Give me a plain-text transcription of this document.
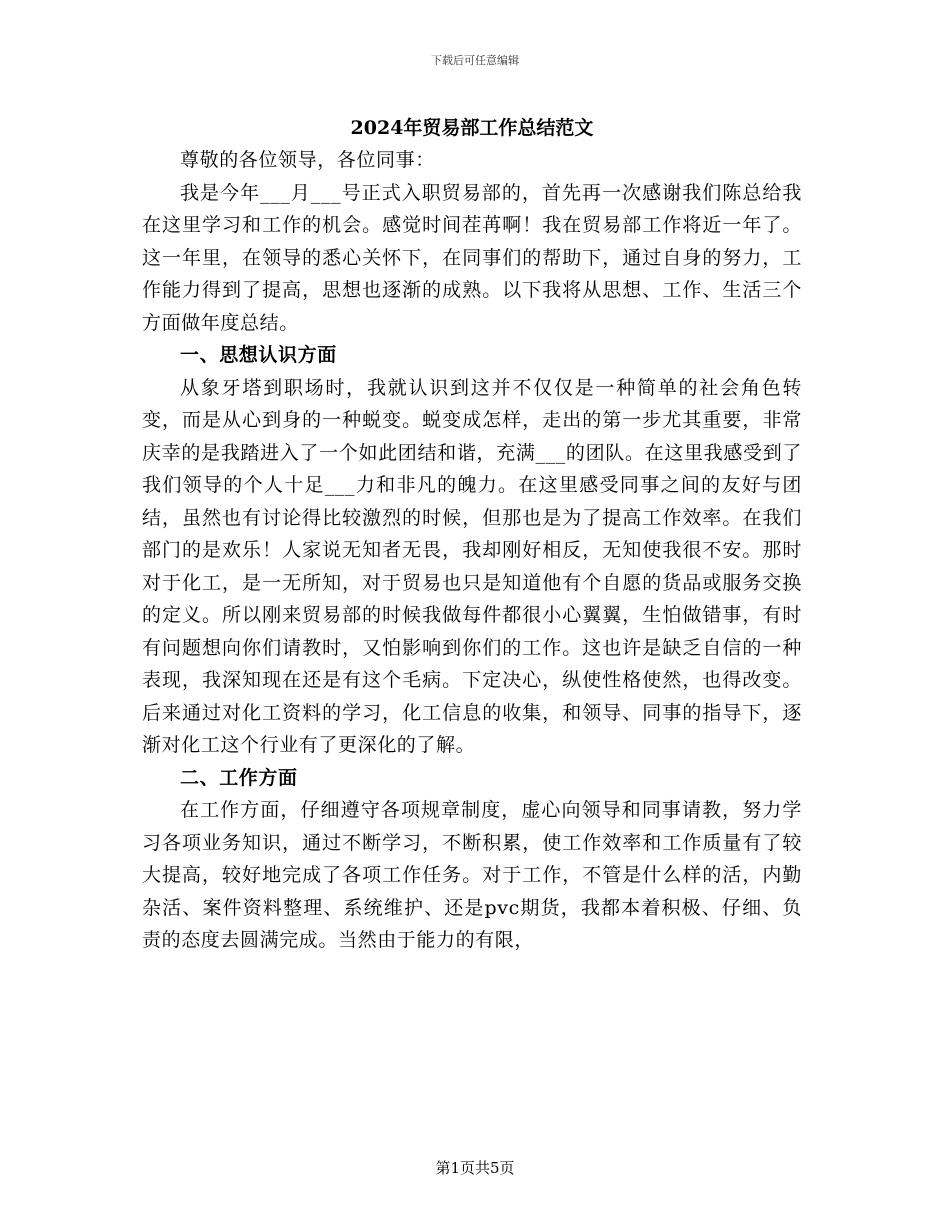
下载后可任意编辑
2024年贸易部工作总结范文

尊敬的各位领导，各位同事：

我是今年___月___号正式入职贸易部的，首先再一次感谢我们陈总给我在这里学习和工作的机会。感觉时间茬苒啊！我在贸易部工作将近一年了。这一年里，在领导的悉心关怀下，在同事们的帮助下，通过自身的努力，工作能力得到了提高，思想也逐渐的成熟。以下我将从思想、工作、生活三个方面做年度总结。

一、思想认识方面

从象牙塔到职场时，我就认识到这并不仅仅是一种简单的社会角色转变，而是从心到身的一种蜕变。蜕变成怎样，走出的第一步尤其重要，非常庆幸的是我踏进入了一个如此团结和谐，充满___的团队。在这里我感受到了我们领导的个人十足___力和非凡的魄力。在这里感受同事之间的友好与团结，虽然也有讨论得比较激烈的时候，但那也是为了提高工作效率。在我们部门的是欢乐！人家说无知者无畏，我却刚好相反，无知使我很不安。那时对于化工，是一无所知，对于贸易也只是知道他有个自愿的货品或服务交换的定义。所以刚来贸易部的时候我做每件都很小心翼翼，生怕做错事，有时有问题想向你们请教时，又怕影响到你们的工作。这也许是缺乏自信的一种表现，我深知现在还是有这个毛病。下定决心，纵使性格使然，也得改变。后来通过对化工资料的学习，化工信息的收集，和领导、同事的指导下，逐渐对化工这个行业有了更深化的了解。

二、工作方面

在工作方面，仔细遵守各项规章制度，虚心向领导和同事请教，努力学习各项业务知识，通过不断学习，不断积累，使工作效率和工作质量有了较大提高，较好地完成了各项工作任务。对于工作，不管是什么样的活，内勤杂活、案件资料整理、系统维护、还是pvc期货，我都本着积极、仔细、负责的态度去圆满完成。当然由于能力的有限，

第1页共5页
